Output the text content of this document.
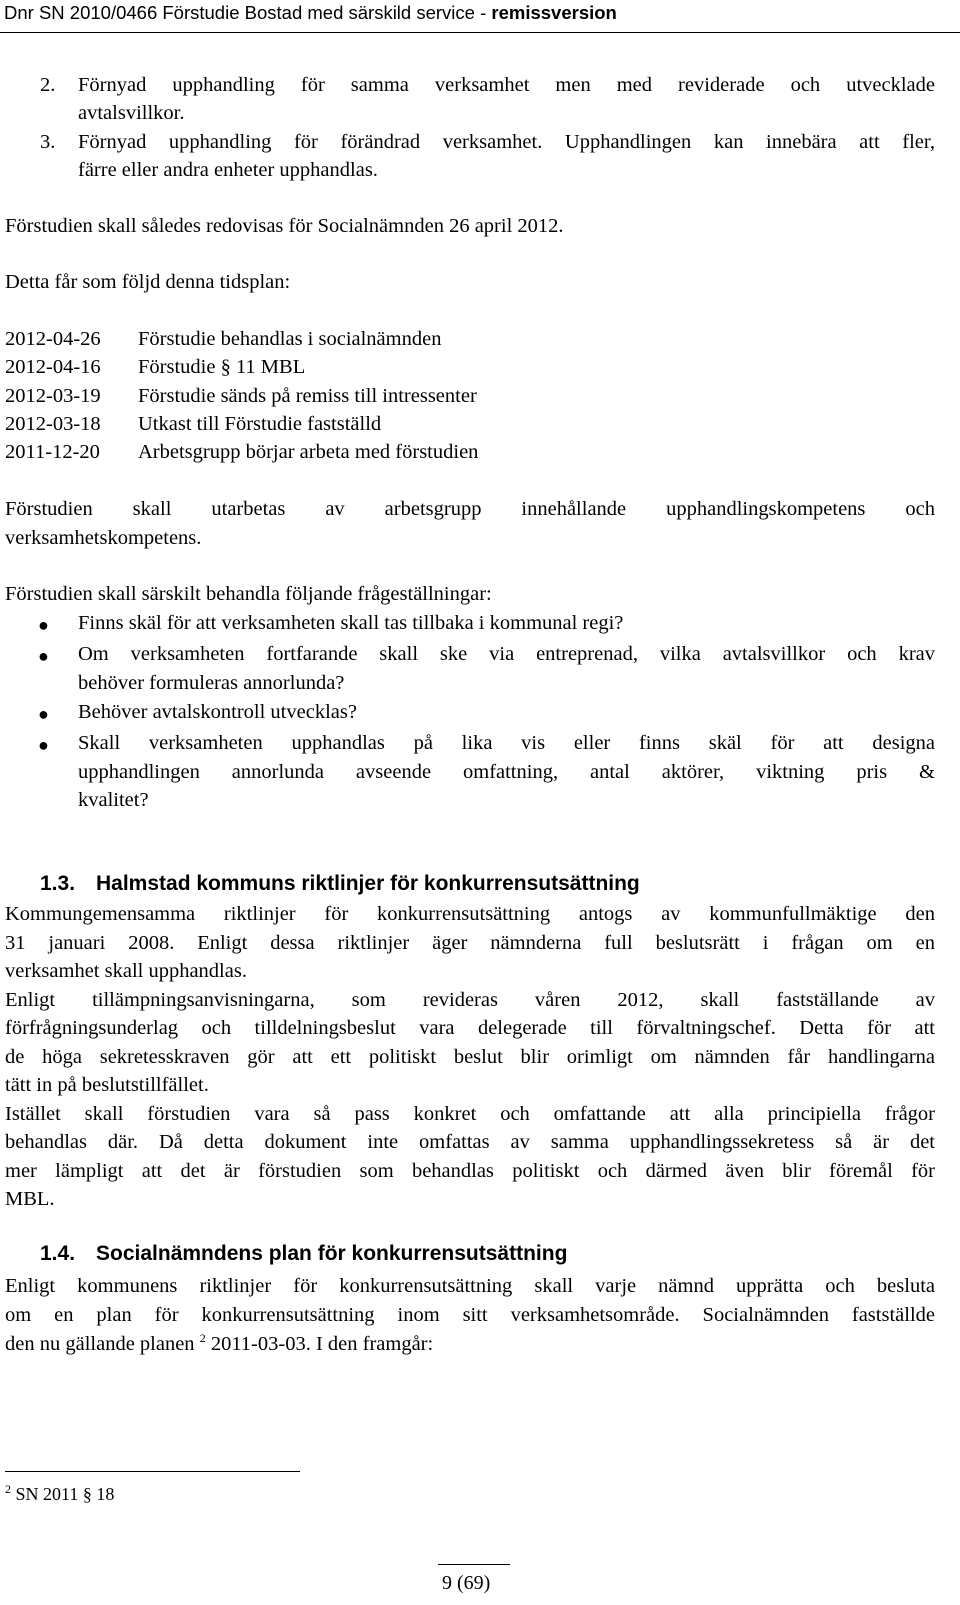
Dnr SN 2010/0466 Förstudie Bostad med särskild service - remissversion
2. Förnyad upphandling för samma verksamhet men med reviderade och utvecklade
avtalsvillkor.
3. Förnyad upphandling för förändrad verksamhet. Upphandlingen kan innebära att fler,
färre eller andra enheter upphandlas.
Förstudien skall således redovisas för Socialnämnden 26 april 2012.
Detta får som följd denna tidsplan:
2012-04-26 Förstudie behandlas i socialnämnden
2012-04-16 Förstudie § 11 MBL
2012-03-19 Förstudie sänds på remiss till intressenter
2012-03-18 Utkast till Förstudie fastställd
2011-12-20 Arbetsgrupp börjar arbeta med förstudien
Förstudien skall utarbetas av arbetsgrupp innehållande upphandlingskompetens och
verksamhetskompetens.
Förstudien skall särskilt behandla följande frågeställningar:
● Finns skäl för att verksamheten skall tas tillbaka i kommunal regi?
● Om verksamheten fortfarande skall ske via entreprenad, vilka avtalsvillkor och krav
behöver formuleras annorlunda?
● Behöver avtalskontroll utvecklas?
● Skall verksamheten upphandlas på lika vis eller finns skäl för att designa
upphandlingen annorlunda avseende omfattning, antal aktörer, viktning pris &
kvalitet?
1.3. Halmstad kommuns riktlinjer för konkurrensutsättning
Kommungemensamma riktlinjer för konkurrensutsättning antogs av kommunfullmäktige den
31 januari 2008. Enligt dessa riktlinjer äger nämnderna full beslutsrätt i frågan om en
verksamhet skall upphandlas.
Enligt tillämpningsanvisningarna, som revideras våren 2012, skall fastställande av
förfrågningsunderlag och tilldelningsbeslut vara delegerade till förvaltningschef. Detta för att
de höga sekretesskraven gör att ett politiskt beslut blir orimligt om nämnden får handlingarna
tätt in på beslutstillfället.
Istället skall förstudien vara så pass konkret och omfattande att alla principiella frågor
behandlas där. Då detta dokument inte omfattas av samma upphandlingssekretess så är det
mer lämpligt att det är förstudien som behandlas politiskt och därmed även blir föremål för
MBL.
1.4. Socialnämndens plan för konkurrensutsättning
Enligt kommunens riktlinjer för konkurrensutsättning skall varje nämnd upprätta och besluta
om en plan för konkurrensutsättning inom sitt verksamhetsområde. Socialnämnden fastställde
den nu gällande planen $^2$ 2011-03-03. I den framgår:
$^2$ SN 2011 § 18
9 (69)
